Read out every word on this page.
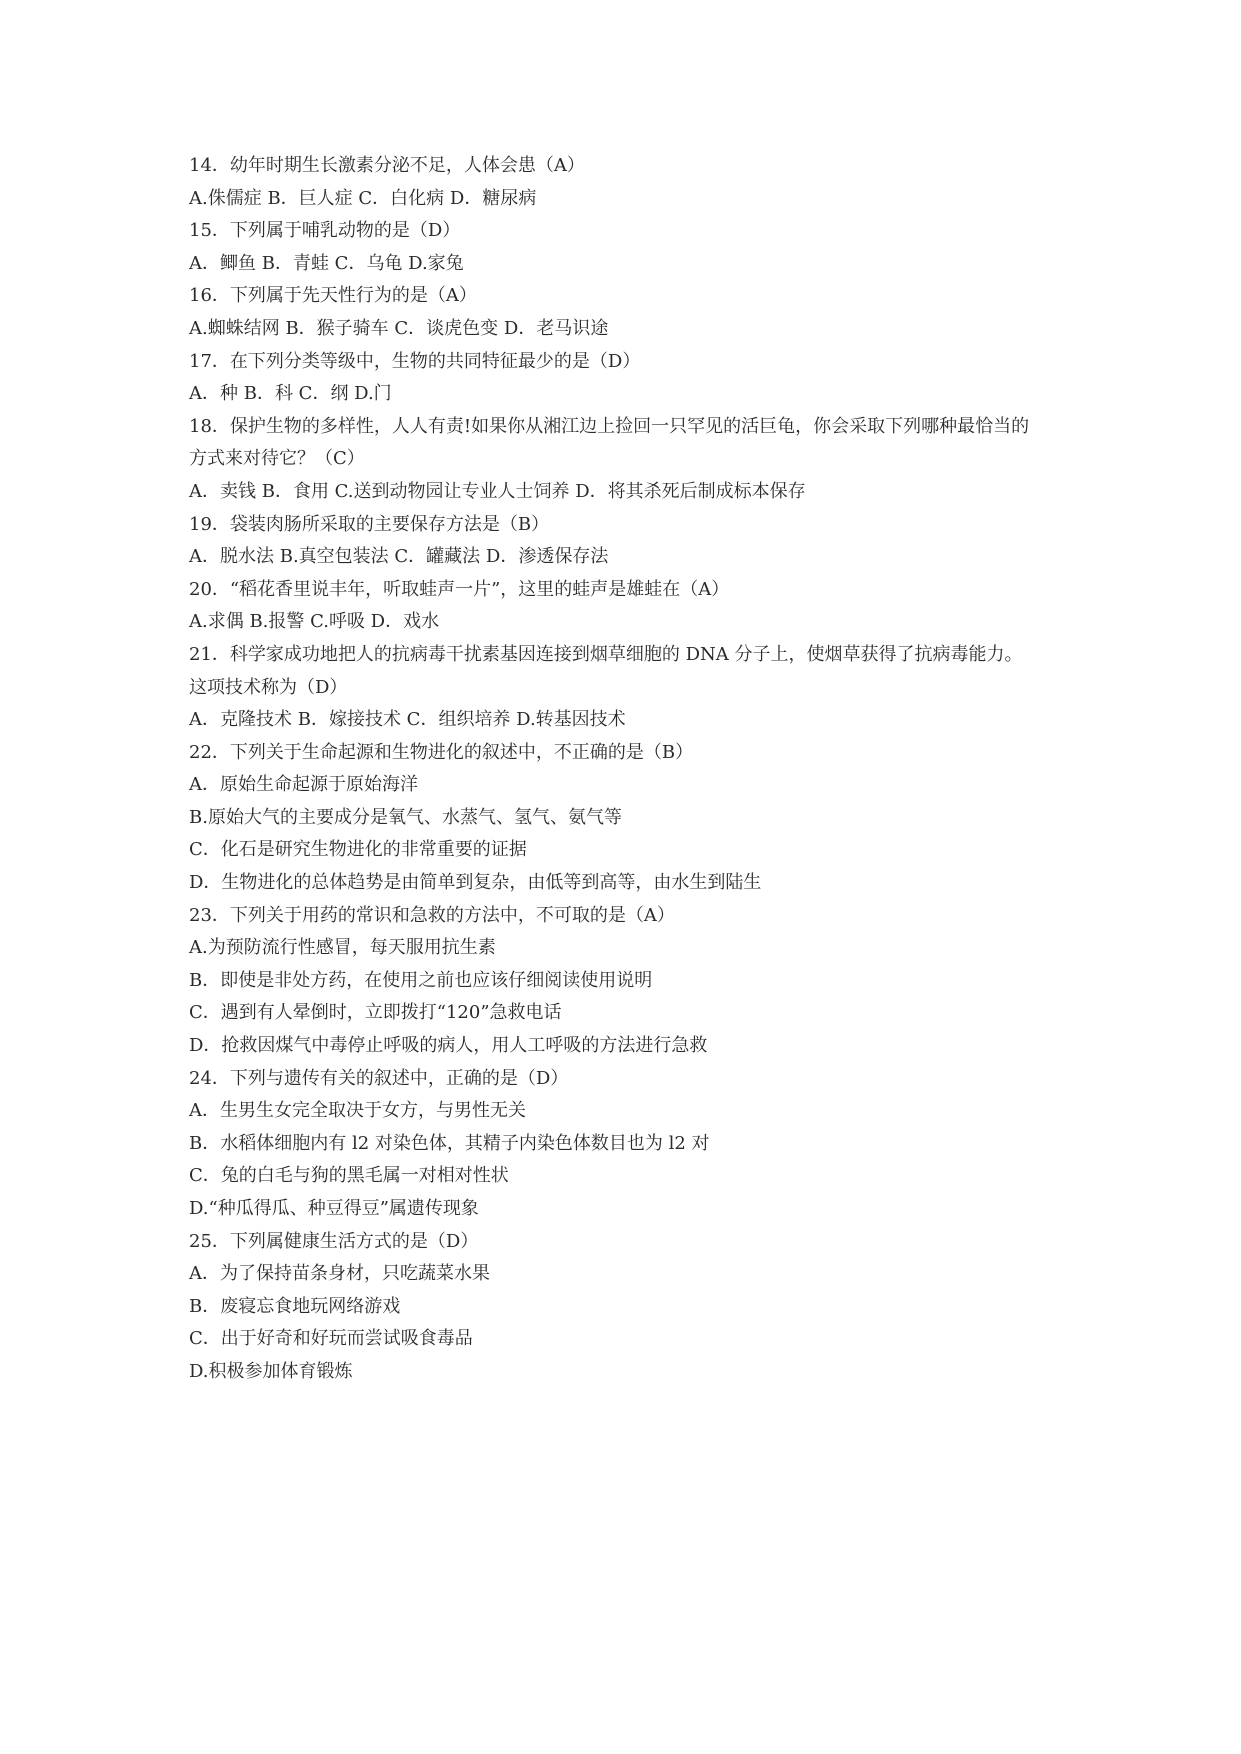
14．幼年时期生长激素分泌不足，人体会患（A）
A.侏儒症 B．巨人症 C．白化病 D．糖尿病
15．下列属于哺乳动物的是（D）
A．鲫鱼 B．青蛙 C．乌龟 D.家兔
16．下列属于先天性行为的是（A）
A.蜘蛛结网 B．猴子骑车 C．谈虎色变 D．老马识途
17．在下列分类等级中，生物的共同特征最少的是（D）
A．种 B．科 C．纲 D.门
18．保护生物的多样性，人人有责!如果你从湘江边上捡回一只罕见的活巨龟，你会采取下列哪种最恰当的
方式来对待它？（C）
A．卖钱 B．食用 C.送到动物园让专业人士饲养 D．将其杀死后制成标本保存
19．袋装肉肠所采取的主要保存方法是（B）
A．脱水法 B.真空包装法 C．罐藏法 D．渗透保存法
20．“稻花香里说丰年，听取蛙声一片”，这里的蛙声是雄蛙在（A）
A.求偶 B.报警 C.呼吸 D．戏水
21．科学家成功地把人的抗病毒干扰素基因连接到烟草细胞的 DNA 分子上，使烟草获得了抗病毒能力。
这项技术称为（D）
A．克隆技术 B．嫁接技术 C．组织培养 D.转基因技术
22．下列关于生命起源和生物进化的叙述中，不正确的是（B）
A．原始生命起源于原始海洋
B.原始大气的主要成分是氧气、水蒸气、氢气、氨气等
C．化石是研究生物进化的非常重要的证据
D．生物进化的总体趋势是由简单到复杂，由低等到高等，由水生到陆生
23．下列关于用药的常识和急救的方法中，不可取的是（A）
A.为预防流行性感冒，每天服用抗生素
B．即使是非处方药，在使用之前也应该仔细阅读使用说明
C．遇到有人晕倒时，立即拨打“120”急救电话
D．抢救因煤气中毒停止呼吸的病人，用人工呼吸的方法进行急救
24．下列与遗传有关的叙述中，正确的是（D）
A．生男生女完全取决于女方，与男性无关
B．水稻体细胞内有 l2 对染色体，其精子内染色体数目也为 l2 对
C．兔的白毛与狗的黑毛属一对相对性状
D.“种瓜得瓜、种豆得豆”属遗传现象
25．下列属健康生活方式的是（D）
A．为了保持苗条身材，只吃蔬菜水果
B．废寝忘食地玩网络游戏
C．出于好奇和好玩而尝试吸食毒品
D.积极参加体育锻炼
